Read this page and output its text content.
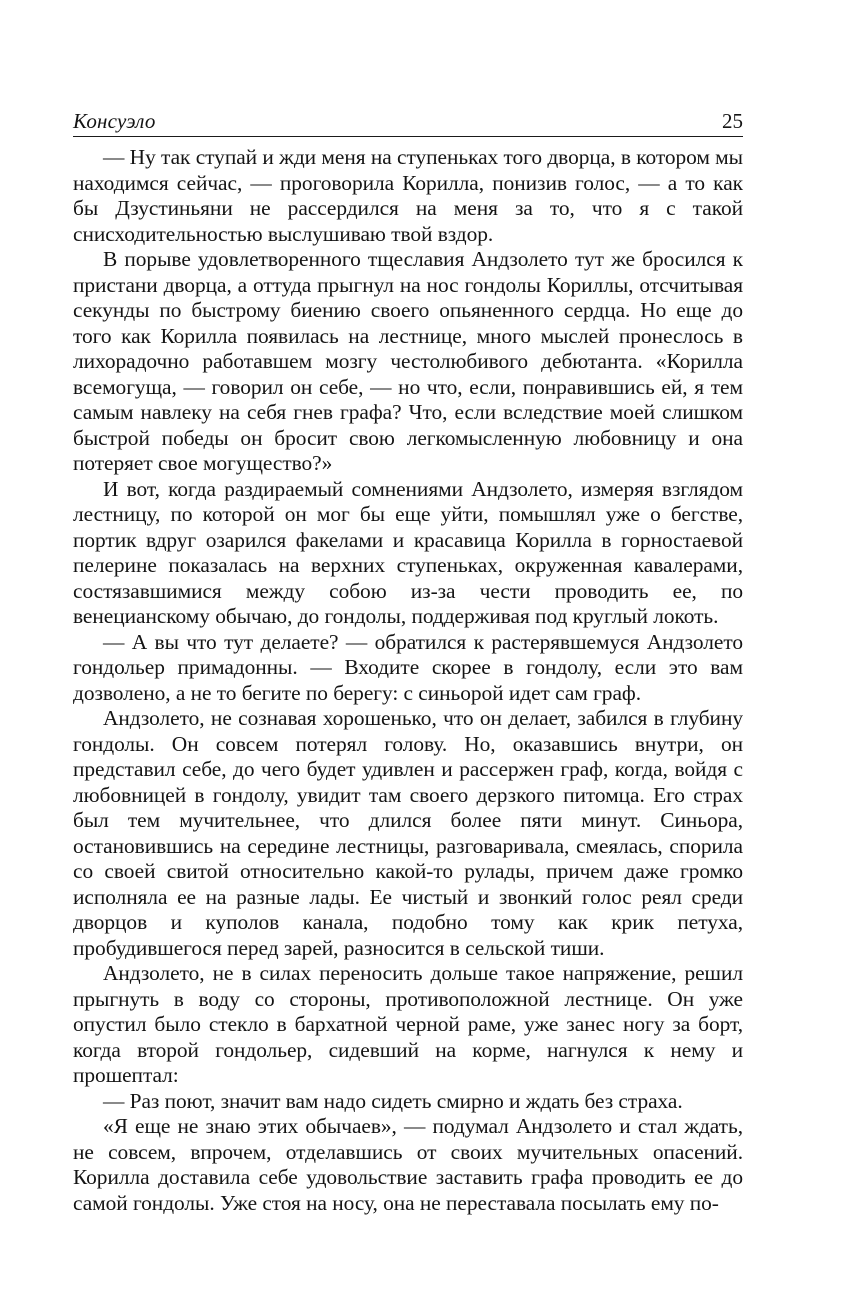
Консуэло	25

— Ну так ступай и жди меня на ступеньках того дворца, в котором мы находимся сейчас, — проговорила Корилла, понизив голос, — а то как бы Дзустиньяни не рассердился на меня за то, что я с такой снисходительностью выслушиваю твой вздор.

В порыве удовлетворенного тщеславия Андзолето тут же бросился к пристани дворца, а оттуда прыгнул на нос гондолы Кориллы, отсчитывая секунды по быстрому биению своего опьяненного сердца. Но еще до того как Корилла появилась на лестнице, много мыслей пронеслось в лихорадочно работавшем мозгу честолюбивого дебютанта. «Корилла всемогуща, — говорил он себе, — но что, если, понравившись ей, я тем самым навлеку на себя гнев графа? Что, если вследствие моей слишком быстрой победы он бросит свою легкомысленную любовницу и она потеряет свое могущество?»

И вот, когда раздираемый сомнениями Андзолето, измеряя взглядом лестницу, по которой он мог бы еще уйти, помышлял уже о бегстве, портик вдруг озарился факелами и красавица Корилла в горностаевой пелерине показалась на верхних ступеньках, окруженная кавалерами, состязавшимися между собою из-за чести проводить ее, по венецианскому обычаю, до гондолы, поддерживая под круглый локоть.

— А вы что тут делаете? — обратился к растерявшемуся Андзолето гондольер примадонны. — Входите скорее в гондолу, если это вам дозволено, а не то бегите по берегу: с синьорой идет сам граф.

Андзолето, не сознавая хорошенько, что он делает, забился в глубину гондолы. Он совсем потерял голову. Но, оказавшись внутри, он представил себе, до чего будет удивлен и рассержен граф, когда, войдя с любовницей в гондолу, увидит там своего дерзкого питомца. Его страх был тем мучительнее, что длился более пяти минут. Синьора, остановившись на середине лестницы, разговаривала, смеялась, спорила со своей свитой относительно какой-то рулады, причем даже громко исполняла ее на разные лады. Ее чистый и звонкий голос реял среди дворцов и куполов канала, подобно тому как крик петуха, пробудившегося перед зарей, разносится в сельской тиши.

Андзолето, не в силах переносить дольше такое напряжение, решил прыгнуть в воду со стороны, противоположной лестнице. Он уже опустил было стекло в бархатной черной раме, уже занес ногу за борт, когда второй гондольер, сидевший на корме, нагнулся к нему и прошептал:

— Раз поют, значит вам надо сидеть смирно и ждать без страха.

«Я еще не знаю этих обычаев», — подумал Андзолето и стал ждать, не совсем, впрочем, отделавшись от своих мучительных опасений. Корилла доставила себе удовольствие заставить графа проводить ее до самой гондолы. Уже стоя на носу, она не переставала посылать ему по-
